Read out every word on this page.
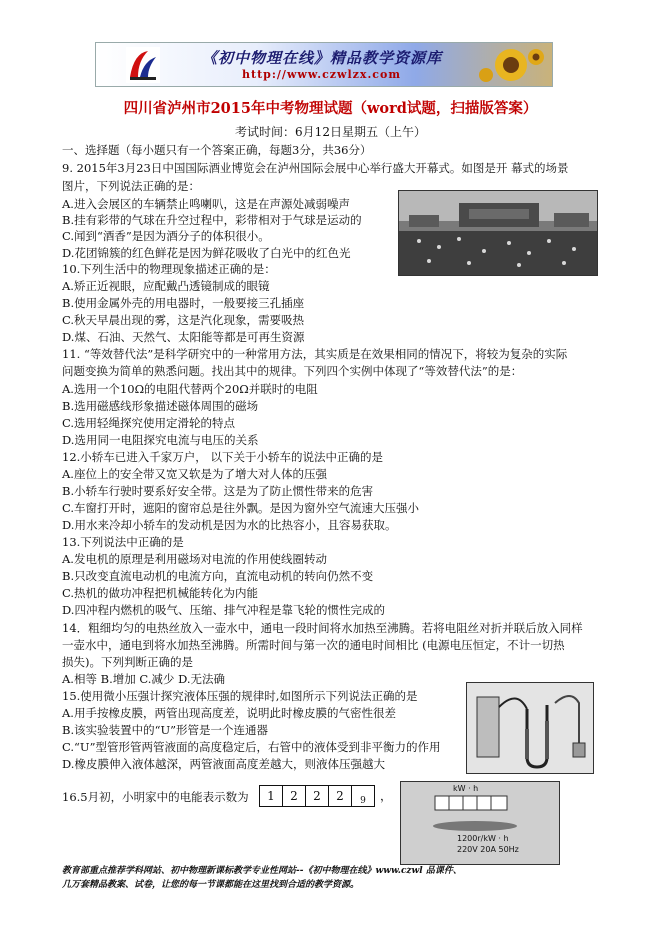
《初中物理在线》精品教学资源库
http://www.czwlzx.com
四川省泸州市2015年中考物理试题（word试题，扫描版答案）
考试时间：6月12日星期五（上午）
一、选择题（每小题只有一个答案正确，每题3分，共36分）
9. 2015年3月23日中国国际酒业博览会在泸州国际会展中心举行盛大开幕式。如图是开 幕式的场景
图片，下列说法正确的是：
A.进入会展区的车辆禁止鸣喇叭，这是在声源处减弱噪声
B.挂有彩带的气球在升空过程中，彩带相对于气球是运动的
C.闻到“酒香”是因为酒分子的体积很小。
D.花团锦簇的红色鲜花是因为鲜花吸收了白光中的红色光
10.下列生活中的物理现象描述正确的是：
A.矫正近视眼，应配戴凸透镜制成的眼镜
B.使用金属外壳的用电器时，一般要接三孔插座
C.秋天早晨出现的雾，这是汽化现象，需要吸热
D.煤、石油、天然气、太阳能等都是可再生资源
11. “等效替代法”是科学研究中的一种常用方法，其实质是在效果相同的情况下，将较为复杂的实际
问题变换为简单的熟悉问题。找出其中的规律。下列四个实例中体现了“等效替代法”的是：
A.选用一个10Ω的电阻代替两个20Ω并联时的电阻
B.选用磁感线形象描述磁体周围的磁场
C.选用轻绳探究使用定滑轮的特点
D.选用同一电阻探究电流与电压的关系
12.小轿车已进入千家万户， 以下关于小轿车的说法中正确的是
A.座位上的安全带又宽又软是为了增大对人体的压强
B.小轿车行驶时要系好安全带。这是为了防止惯性带来的危害
C.车窗打开时，遮阳的窗帘总是往外飘。是因为窗外空气流速大压强小
D.用水来冷却小轿车的发动机是因为水的比热容小，且容易获取。
13.下列说法中正确的是
A.发电机的原理是利用磁场对电流的作用使线圈转动
B.只改变直流电动机的电流方向，直流电动机的转向仍然不变
C.热机的做功冲程把机械能转化为内能
D.四冲程内燃机的吸气、压缩、排气冲程是靠飞轮的惯性完成的
14．粗细均匀的电热丝放入一壶水中，通电一段时间将水加热至沸腾。若将电阻丝对折并联后放入同样
一壶水中，通电到将水加热至沸腾。所需时间与第一次的通电时间相比 (电源电压恒定，不计一切热
损失)。下列判断正确的是
A.相等 B.增加 C.减少 D.无法确
15.使用微小压强计探究液体压强的规律时,如图所示下列说法正确的是
A.用手按橡皮膜，两管出现高度差，说明此时橡皮膜的气密性很差
B.该实验装置中的“U”形管是一个连通器
C.“U”型管形管两管液面的高度稳定后，右管中的液体受到非平衡力的作用
D.橡皮膜伸入液体越深，两管液面高度差越大，则液体压强越大
16.5月初，小明家中的电能表示数为
kW · h
1200r/kW · h
220V 20A 50Hz
1	2	2	2	9	，
教育部重点推荐学科网站、初中物理新课标教学专业性网站--《初中物理在线》www.czwl 品课件、
几万套精品教案、试卷，让您的每一节课都能在这里找到合适的教学资源。
